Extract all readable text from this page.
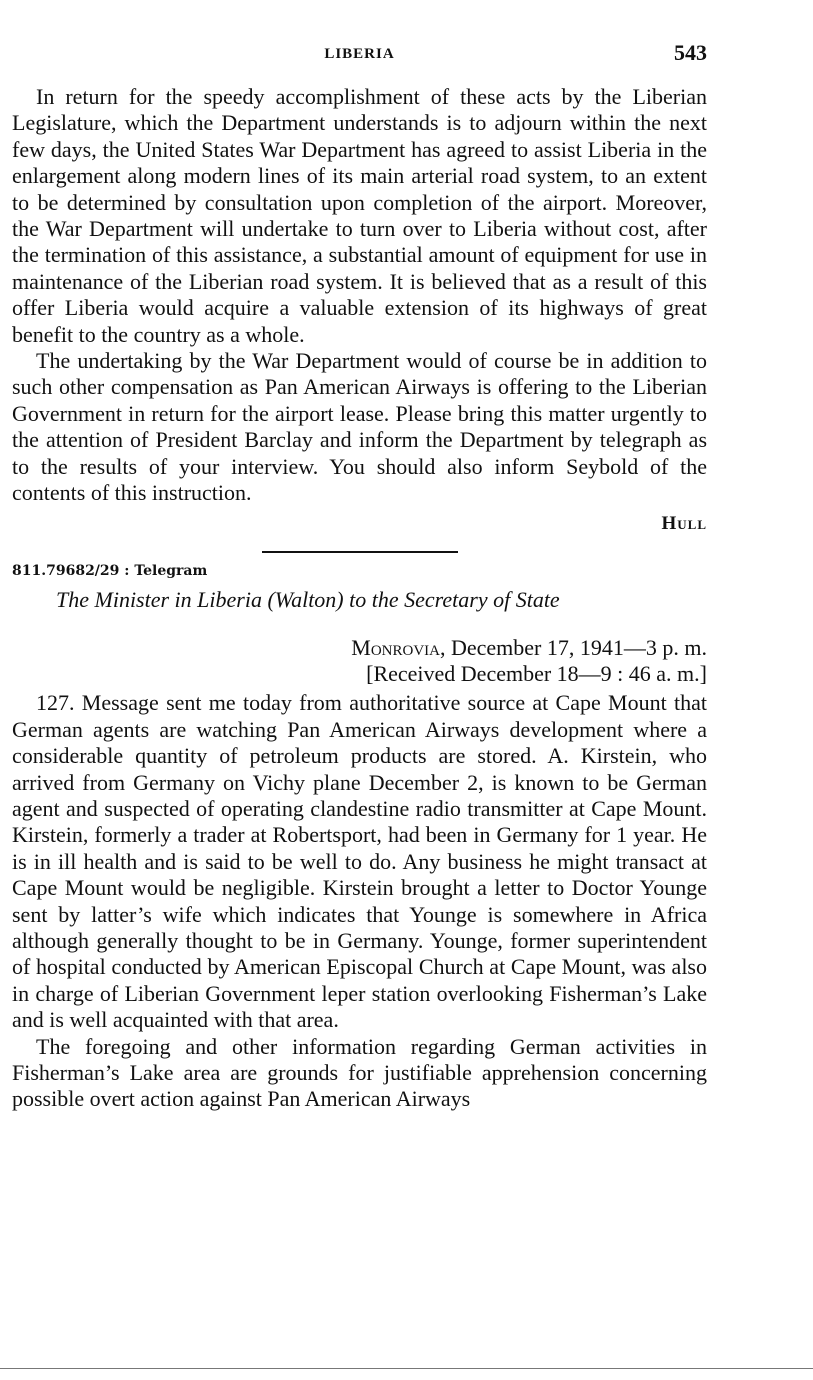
LIBERIA	543

In return for the speedy accomplishment of these acts by the Liberian Legislature, which the Department understands is to adjourn within the next few days, the United States War Department has agreed to assist Liberia in the enlargement along modern lines of its main arterial road system, to an extent to be determined by consultation upon completion of the airport. Moreover, the War Department will undertake to turn over to Liberia without cost, after the termination of this assistance, a substantial amount of equipment for use in maintenance of the Liberian road system. It is believed that as a result of this offer Liberia would acquire a valuable extension of its highways of great benefit to the country as a whole.

The undertaking by the War Department would of course be in addition to such other compensation as Pan American Airways is offering to the Liberian Government in return for the airport lease. Please bring this matter urgently to the attention of President Barclay and inform the Department by telegraph as to the results of your interview. You should also inform Seybold of the contents of this instruction.

Hull
811.79682/29 : Telegram
The Minister in Liberia (Walton) to the Secretary of State
Monrovia, December 17, 1941—3 p. m.
[Received December 18—9 : 46 a. m.]

127. Message sent me today from authoritative source at Cape Mount that German agents are watching Pan American Airways development where a considerable quantity of petroleum products are stored. A. Kirstein, who arrived from Germany on Vichy plane December 2, is known to be German agent and suspected of operating clandestine radio transmitter at Cape Mount. Kirstein, formerly a trader at Robertsport, had been in Germany for 1 year. He is in ill health and is said to be well to do. Any business he might transact at Cape Mount would be negligible. Kirstein brought a letter to Doctor Younge sent by latter’s wife which indicates that Younge is somewhere in Africa although generally thought to be in Germany. Younge, former superintendent of hospital conducted by American Episcopal Church at Cape Mount, was also in charge of Liberian Government leper station overlooking Fisherman’s Lake and is well acquainted with that area.

The foregoing and other information regarding German activities in Fisherman’s Lake area are grounds for justifiable apprehension concerning possible overt action against Pan American Airways
